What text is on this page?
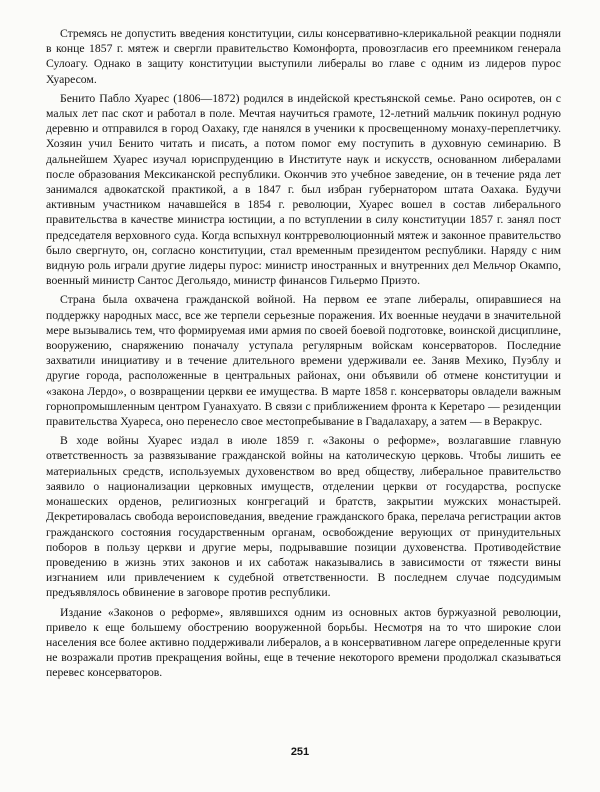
Стремясь не допустить введения конституции, силы консервативно-клерикальной реакции подняли в конце 1857 г. мятеж и свергли правительство Комонфорта, провозгласив его преемником генерала Сулоагу. Однако в защиту конституции выступили либералы во главе с одним из лидеров пурос Хуаресом.

Бенито Пабло Хуарес (1806—1872) родился в индейской крестьянской семье. Рано осиротев, он с малых лет пас скот и работал в поле. Мечтая научиться грамоте, 12-летний мальчик покинул родную деревню и отправился в город Оахаку, где нанялся в ученики к просвещенному монаху-переплетчику. Хозяин учил Бенито читать и писать, а потом помог ему поступить в духовную семинарию. В дальнейшем Хуарес изучал юриспруденцию в Институте наук и искусств, основанном либералами после образования Мексиканской республики. Окончив это учебное заведение, он в течение ряда лет занимался адвокатской практикой, а в 1847 г. был избран губернатором штата Оахака. Будучи активным участником начавшейся в 1854 г. революции, Хуарес вошел в состав либерального правительства в качестве министра юстиции, а по вступлении в силу конституции 1857 г. занял пост председателя верховного суда. Когда вспыхнул контрреволюционный мятеж и законное правительство было свергнуто, он, согласно конституции, стал временным президентом республики. Наряду с ним видную роль играли другие лидеры пурос: министр иностранных и внутренних дел Мельчор Окампо, военный министр Сантос Дегольядо, министр финансов Гильермо Приэто.

Страна была охвачена гражданской войной. На первом ее этапе либералы, опиравшиеся на поддержку народных масс, все же терпели серьезные поражения. Их военные неудачи в значительной мере вызывались тем, что формируемая ими армия по своей боевой подготовке, воинской дисциплине, вооружению, снаряжению поначалу уступала регулярным войскам консерваторов. Последние захватили инициативу и в течение длительного времени удерживали ее. Заняв Мехико, Пуэблу и другие города, расположенные в центральных районах, они объявили об отмене конституции и «закона Лердо», о возвращении церкви ее имущества. В марте 1858 г. консерваторы овладели важным горнопромышленным центром Гуанахуато. В связи с приближением фронта к Керетаро — резиденции правительства Хуареса, оно перенесло свое местопребывание в Гвадалахару, а затем — в Веракрус.

В ходе войны Хуарес издал в июле 1859 г. «Законы о реформе», возлагавшие главную ответственность за развязывание гражданской войны на католическую церковь. Чтобы лишить ее материальных средств, используемых духовенством во вред обществу, либеральное правительство заявило о национализации церковных имуществ, отделении церкви от государства, роспуске монашеских орденов, религиозных конгрегаций и братств, закрытии мужских монастырей. Декретировалась свобода вероисповедания, введение гражданского брака, перелача регистрации актов гражданского состояния государственным органам, освобождение верующих от принудительных поборов в пользу церкви и другие меры, подрывавшие позиции духовенства. Противодействие проведению в жизнь этих законов и их саботаж наказывались в зависимости от тяжести вины изгнанием или привлечением к судебной ответственности. В последнем случае подсудимым предъявлялось обвинение в заговоре против республики.

Издание «Законов о реформе», являвшихся одним из основных актов буржуазной революции, привело к еще большему обострению вооруженной борьбы. Несмотря на то что широкие слои населения все более активно поддерживали либералов, а в консервативном лагере определенные круги не возражали против прекращения войны, еще в течение некоторого времени продолжал сказываться перевес консерваторов.

251
